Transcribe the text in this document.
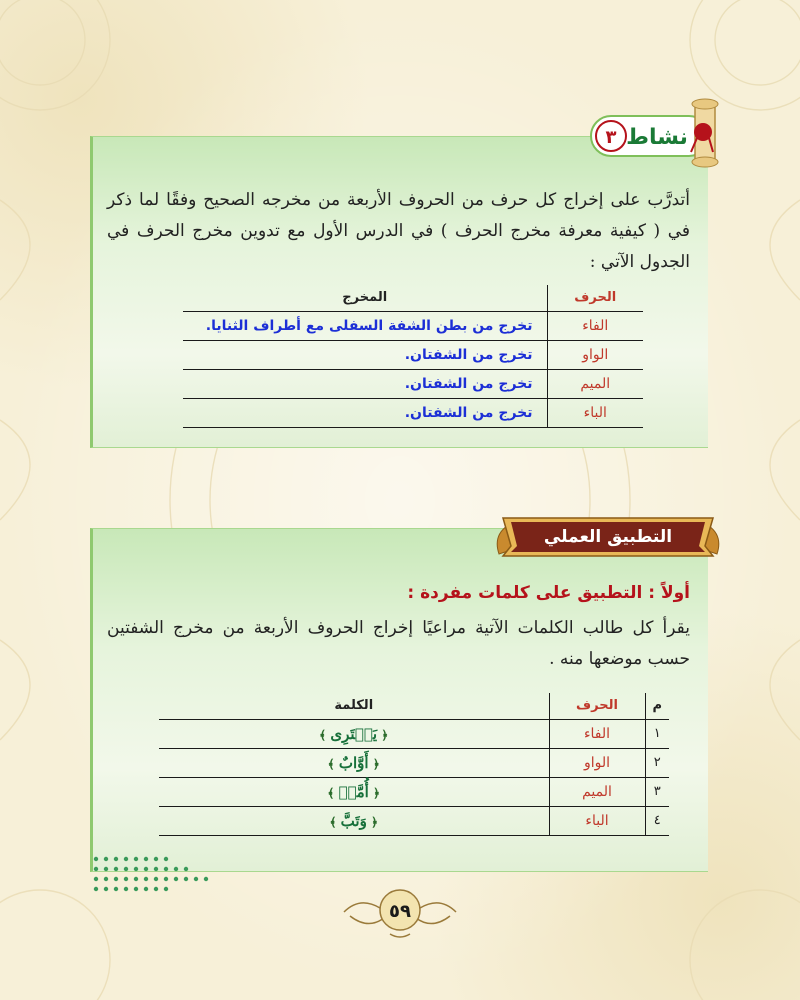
أتدرَّب على إخراج كل حرف من الحروف الأربعة من مخرجه الصحيح وفقًا لما ذكر في ( كيفية معرفة مخرج الحرف ) في الدرس الأول مع تدوين مخرج الحرف في الجدول الآتي :

الحرف	المخرج
الفاء	تخرج من بطن الشفة السفلى مع أطراف الثنايا.
الواو	تخرج من الشفتان.
الميم	تخرج من الشفتان.
الباء	تخرج من الشفتان.
٣ نشاط

أولاً : التطبيق على كلمات مفردة :

يقرأ كل طالب الكلمات الآتية مراعيًا إخراج الحروف الأربعة من مخرج الشفتين حسب موضعها منه .

م	الحرف	الكلمة
١	الفاء	﴿ يَفۡتَرِى ﴾
٢	الواو	﴿ أَوَّابٌ ﴾
٣	الميم	﴿ أُمَّةٞ ﴾
٤	الباء	﴿ وَتَبَّ ﴾
التطبيق العملي
٥٩
